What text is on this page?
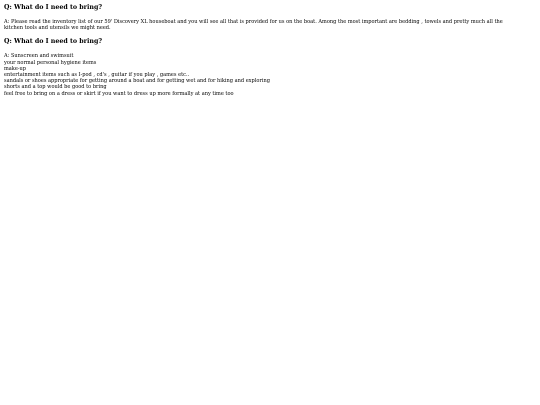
Q: What do I need to bring?
A: Please read the inventory list of our 59' Discovery XL houseboat and you will see all that is provided for us on the boat. Among the most important are bedding , towels and pretty much all the
kitchen tools and utensils we might need.
Q: What do I need to bring?
A: Sunscreen and swimsuit
your normal personal hygiene items
make-up
entertainment items such as I-pod , cd's , guitar if you play , games etc..
sandals or shoes appropriate for getting around a boat and for getting wet and for hiking and exploring
shorts and a top would be good to bring
feel free to bring on a dress or skirt if you want to dress up more formally at any time too
